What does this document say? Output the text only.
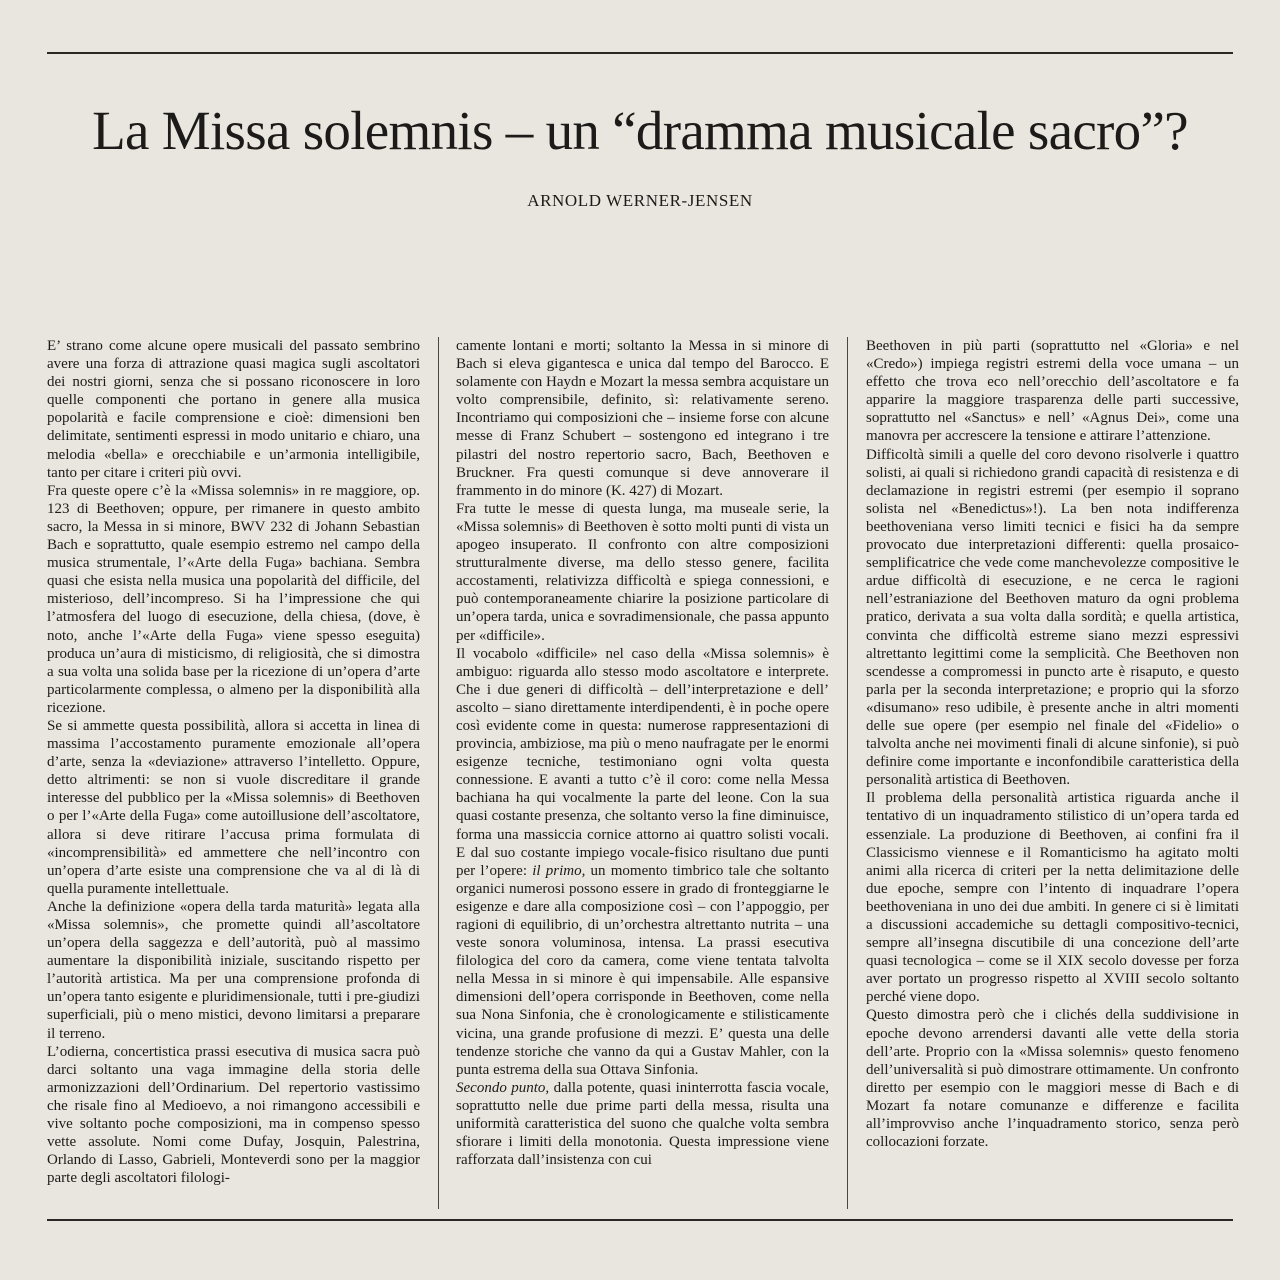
La Missa solemnis – un “dramma musicale sacro”?
ARNOLD WERNER-JENSEN

E’ strano come alcune opere musicali del passato sembrino avere una forza di attrazione quasi magica sugli ascoltatori dei nostri giorni, senza che si possano riconoscere in loro quelle componenti che portano in genere alla musica popolarità e facile comprensione e cioè: dimensioni ben delimitate, sentimenti espressi in modo unitario e chiaro, una melodia «bella» e orecchiabile e un’armonia intelligibile, tanto per citare i criteri più ovvi.

Fra queste opere c’è la «Missa solemnis» in re maggiore, op. 123 di Beethoven; oppure, per rimanere in questo ambito sacro, la Messa in si minore, BWV 232 di Johann Sebastian Bach e soprattutto, quale esempio estremo nel campo della musica strumentale, l’«Arte della Fuga» bachiana. Sembra quasi che esista nella musica una popolarità del difficile, del misterioso, dell’incompreso. Si ha l’impressione che qui l’atmosfera del luogo di esecuzione, della chiesa, (dove, è noto, anche l’«Arte della Fuga» viene spesso eseguita) produca un’aura di misticismo, di religiosità, che si dimostra a sua volta una solida base per la ricezione di un’opera d’arte particolarmente complessa, o almeno per la disponibilità alla ricezione.

Se si ammette questa possibilità, allora si accetta in linea di massima l’accostamento puramente emozionale all’opera d’arte, senza la «deviazione» attraverso l’intelletto. Oppure, detto altrimenti: se non si vuole discreditare il grande interesse del pubblico per la «Missa solemnis» di Beethoven o per l’«Arte della Fuga» come autoillusione dell’ascoltatore, allora si deve ritirare l’accusa prima formulata di «incomprensibilità» ed ammettere che nell’incontro con un’opera d’arte esiste una comprensione che va al di là di quella puramente intellettuale.

Anche la definizione «opera della tarda maturità» legata alla «Missa solemnis», che promette quindi all’ascoltatore un’opera della saggezza e dell’autorità, può al massimo aumentare la disponibilità iniziale, suscitando rispetto per l’autorità artistica. Ma per una comprensione profonda di un’opera tanto esigente e pluridimensionale, tutti i pre-giudizi superficiali, più o meno mistici, devono limitarsi a preparare il terreno.

L’odierna, concertistica prassi esecutiva di musica sacra può darci soltanto una vaga immagine della storia delle armonizzazioni dell’Ordinarium. Del repertorio vastissimo che risale fino al Medioevo, a noi rimangono accessibili e vive soltanto poche composizioni, ma in compenso spesso vette assolute. Nomi come Dufay, Josquin, Palestrina, Orlando di Lasso, Gabrieli, Monteverdi sono per la maggior parte degli ascoltatori filologi-

camente lontani e morti; soltanto la Messa in si minore di Bach si eleva gigantesca e unica dal tempo del Barocco. E solamente con Haydn e Mozart la messa sembra acquistare un volto comprensibile, definito, sì: relativamente sereno. Incontriamo qui composizioni che – insieme forse con alcune messe di Franz Schubert – sostengono ed integrano i tre pilastri del nostro repertorio sacro, Bach, Beethoven e Bruckner. Fra questi comunque si deve annoverare il frammento in do minore (K. 427) di Mozart.

Fra tutte le messe di questa lunga, ma museale serie, la «Missa solemnis» di Beethoven è sotto molti punti di vista un apogeo insuperato. Il confronto con altre composizioni strutturalmente diverse, ma dello stesso genere, facilita accostamenti, relativizza difficoltà e spiega connessioni, e può contemporaneamente chiarire la posizione particolare di un’opera tarda, unica e sovradimensionale, che passa appunto per «difficile».

Il vocabolo «difficile» nel caso della «Missa solemnis» è ambiguo: riguarda allo stesso modo ascoltatore e interprete. Che i due generi di difficoltà – dell’interpretazione e dell’ ascolto – siano direttamente interdipendenti, è in poche opere così evidente come in questa: numerose rappresentazioni di provincia, ambiziose, ma più o meno naufragate per le enormi esigenze tecniche, testimoniano ogni volta questa connessione. E avanti a tutto c’è il coro: come nella Messa bachiana ha qui vocalmente la parte del leone. Con la sua quasi costante presenza, che soltanto verso la fine diminuisce, forma una massiccia cornice attorno ai quattro solisti vocali. E dal suo costante impiego vocale-fisico risultano due punti per l’opere: il primo, un momento timbrico tale che soltanto organici numerosi possono essere in grado di fronteggiarne le esigenze e dare alla composizione così – con l’appoggio, per ragioni di equilibrio, di un’orchestra altrettanto nutrita – una veste sonora voluminosa, intensa. La prassi esecutiva filologica del coro da camera, come viene tentata talvolta nella Messa in si minore è qui impensabile. Alle espansive dimensioni dell’opera corrisponde in Beethoven, come nella sua Nona Sinfonia, che è cronologicamente e stilisticamente vicina, una grande profusione di mezzi. E’ questa una delle tendenze storiche che vanno da qui a Gustav Mahler, con la punta estrema della sua Ottava Sinfonia.

Secondo punto, dalla potente, quasi ininterrotta fascia vocale, soprattutto nelle due prime parti della messa, risulta una uniformità caratteristica del suono che qualche volta sembra sfiorare i limiti della monotonia. Questa impressione viene rafforzata dall’insistenza con cui

Beethoven in più parti (soprattutto nel «Gloria» e nel «Credo») impiega registri estremi della voce umana – un effetto che trova eco nell’orecchio dell’ascoltatore e fa apparire la maggiore trasparenza delle parti successive, soprattutto nel «Sanctus» e nell’ «Agnus Dei», come una manovra per accrescere la tensione e attirare l’attenzione.

Difficoltà simili a quelle del coro devono risolverle i quattro solisti, ai quali si richiedono grandi capacità di resistenza e di declamazione in registri estremi (per esempio il soprano solista nel «Benedictus»!). La ben nota indifferenza beethoveniana verso limiti tecnici e fisici ha da sempre provocato due interpretazioni differenti: quella prosaico-semplificatrice che vede come manchevolezze compositive le ardue difficoltà di esecuzione, e ne cerca le ragioni nell’estraniazione del Beethoven maturo da ogni problema pratico, derivata a sua volta dalla sordità; e quella artistica, convinta che difficoltà estreme siano mezzi espressivi altrettanto legittimi come la semplicità. Che Beethoven non scendesse a compromessi in puncto arte è risaputo, e questo parla per la seconda interpretazione; e proprio qui la sforzo «disumano» reso udibile, è presente anche in altri momenti delle sue opere (per esempio nel finale del «Fidelio» o talvolta anche nei movimenti finali di alcune sinfonie), si può definire come importante e inconfondibile caratteristica della personalità artistica di Beethoven.

Il problema della personalità artistica riguarda anche il tentativo di un inquadramento stilistico di un’opera tarda ed essenziale. La produzione di Beethoven, ai confini fra il Classicismo viennese e il Romanticismo ha agitato molti animi alla ricerca di criteri per la netta delimitazione delle due epoche, sempre con l’intento di inquadrare l’opera beethoveniana in uno dei due ambiti. In genere ci si è limitati a discussioni accademiche su dettagli compositivo-tecnici, sempre all’insegna discutibile di una concezione dell’arte quasi tecnologica – come se il XIX secolo dovesse per forza aver portato un progresso rispetto al XVIII secolo soltanto perché viene dopo.

Questo dimostra però che i clichés della suddivisione in epoche devono arrendersi davanti alle vette della storia dell’arte. Proprio con la «Missa solemnis» questo fenomeno dell’universalità si può dimostrare ottimamente. Un confronto diretto per esempio con le maggiori messe di Bach e di Mozart fa notare comunanze e differenze e facilita all’improvviso anche l’inquadramento storico, senza però collocazioni forzate.
